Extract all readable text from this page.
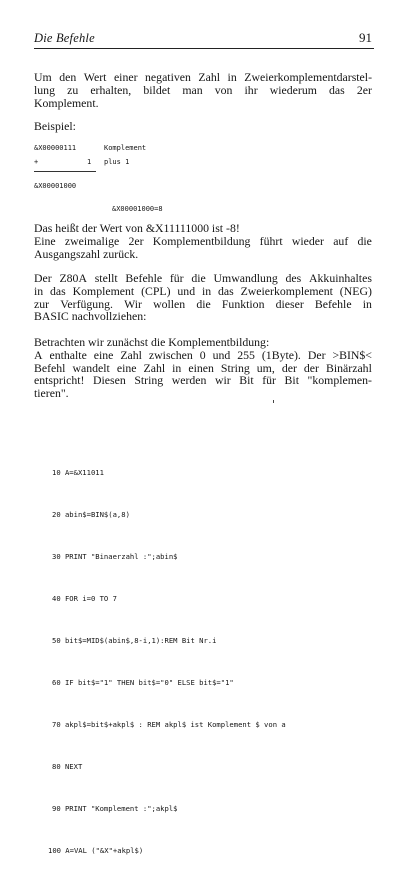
Die Befehle	91
Um den Wert einer negativen Zahl in Zweierkomplementdarstel-
lung zu erhalten, bildet man von ihr wiederum das 2er
Komplement.
Beispiel:
&X00000111	Komplement
+	1 plus 1
&X00001000
&X00001000=8
Das heißt der Wert von &X11111000 ist -8!
Eine zweimalige 2er Komplementbildung führt wieder auf die
Ausgangszahl zurück.
Der Z80A stellt Befehle für die Umwandlung des Akkuinhaltes
in das Komplement (CPL) und in das Zweierkomplement (NEG)
zur Verfügung. Wir wollen die Funktion dieser Befehle in
BASIC nachvollziehen:
Betrachten wir zunächst die Komplementbildung:
A enthalte eine Zahl zwischen 0 und 255 (1Byte). Der >BIN$<
Befehl wandelt eine Zahl in einen String um, der der Binärzahl
entspricht! Diesen String werden wir Bit für Bit "komplemen-
tieren".

10 A=&X11011

20 abin$=BIN$(a,8)

30 PRINT "Binaerzahl :";abin$

40 FOR i=0 TO 7

50 bit$=MID$(abin$,8-i,1):REM Bit Nr.i

60 IF bit$="1" THEN bit$="0" ELSE bit$="1"

70 akpl$=bit$+akpl$ : REM akpl$ ist Komplement $ von a

80 NEXT

90 PRINT "Komplement :";akpl$

100 A=VAL ("&X"+akpl$)
